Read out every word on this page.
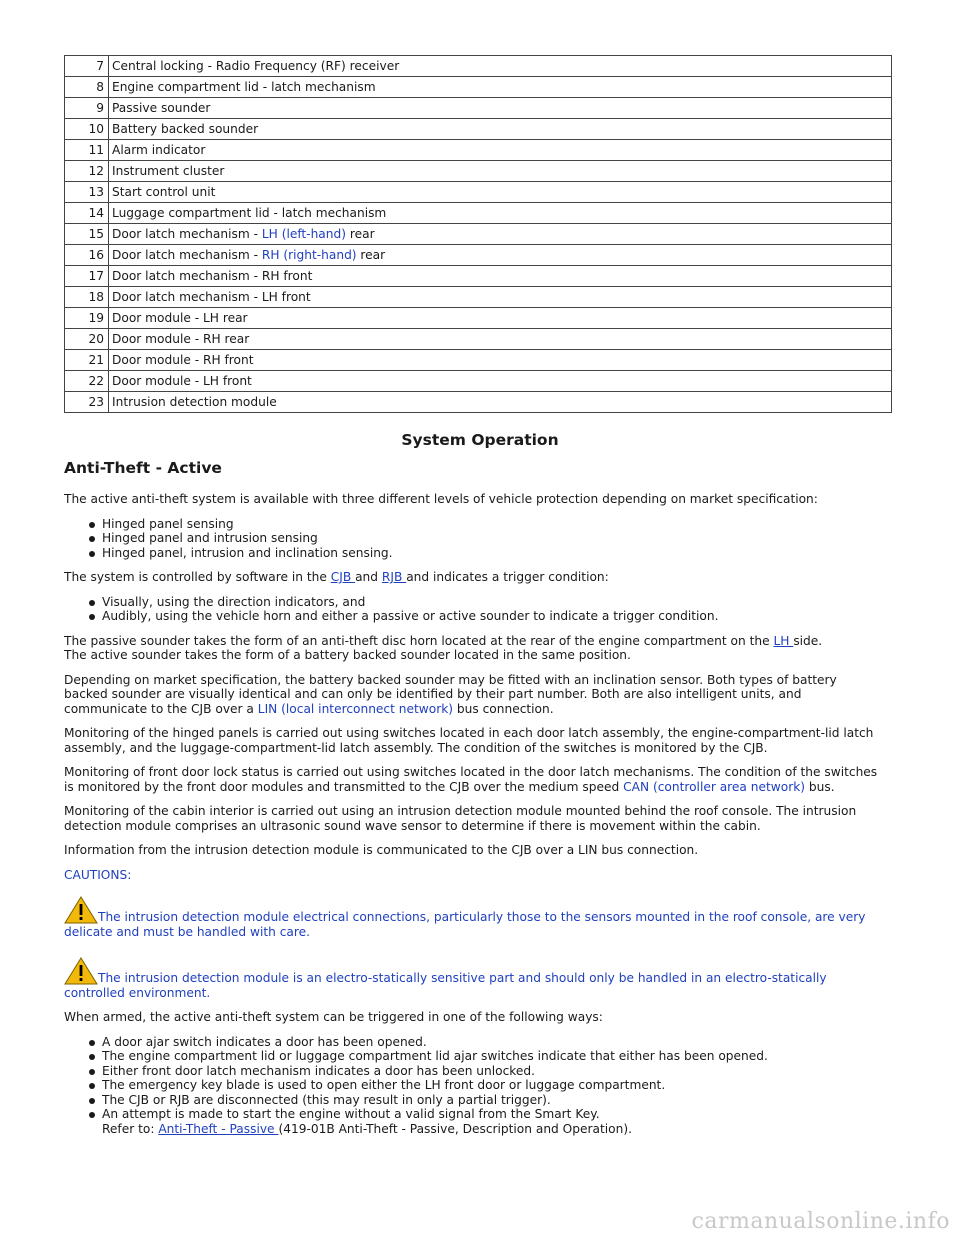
7	Central locking - Radio Frequency (RF) receiver
8	Engine compartment lid - latch mechanism
9	Passive sounder
10	Battery backed sounder
11	Alarm indicator
12	Instrument cluster
13	Start control unit
14	Luggage compartment lid - latch mechanism
15	Door latch mechanism - LH (left-hand) rear
16	Door latch mechanism - RH (right-hand) rear
17	Door latch mechanism - RH front
18	Door latch mechanism - LH front
19	Door module - LH rear
20	Door module - RH rear
21	Door module - RH front
22	Door module - LH front
23	Intrusion detection module
System Operation
Anti-Theft - Active

The active anti-theft system is available with three different levels of vehicle protection depending on market specification:

Hinged panel sensing
Hinged panel and intrusion sensing
Hinged panel, intrusion and inclination sensing.

The system is controlled by software in the CJB and RJB and indicates a trigger condition:

Visually, using the direction indicators, and
Audibly, using the vehicle horn and either a passive or active sounder to indicate a trigger condition.

The passive sounder takes the form of an anti-theft disc horn located at the rear of the engine compartment on the LH side.
The active sounder takes the form of a battery backed sounder located in the same position.

Depending on market specification, the battery backed sounder may be fitted with an inclination sensor. Both types of battery backed sounder are visually identical and can only be identified by their part number. Both are also intelligent units, and communicate to the CJB over a LIN (local interconnect network) bus connection.

Monitoring of the hinged panels is carried out using switches located in each door latch assembly, the engine-compartment-lid latch assembly, and the luggage-compartment-lid latch assembly. The condition of the switches is monitored by the CJB.

Monitoring of front door lock status is carried out using switches located in the door latch mechanisms. The condition of the switches is monitored by the front door modules and transmitted to the CJB over the medium speed CAN (controller area network) bus.

Monitoring of the cabin interior is carried out using an intrusion detection module mounted behind the roof console. The intrusion detection module comprises an ultrasonic sound wave sensor to determine if there is movement within the cabin.

Information from the intrusion detection module is communicated to the CJB over a LIN bus connection.

CAUTIONS:

The intrusion detection module electrical connections, particularly those to the sensors mounted in the roof console, are very delicate and must be handled with care.
The intrusion detection module is an electro-statically sensitive part and should only be handled in an electro-statically controlled environment.

When armed, the active anti-theft system can be triggered in one of the following ways:

A door ajar switch indicates a door has been opened.
The engine compartment lid or luggage compartment lid ajar switches indicate that either has been opened.
Either front door latch mechanism indicates a door has been unlocked.
The emergency key blade is used to open either the LH front door or luggage compartment.
The CJB or RJB are disconnected (this may result in only a partial trigger).
An attempt is made to start the engine without a valid signal from the Smart Key.
Refer to: Anti-Theft - Passive (419-01B Anti-Theft - Passive, Description and Operation).
carmanualsonline.info
